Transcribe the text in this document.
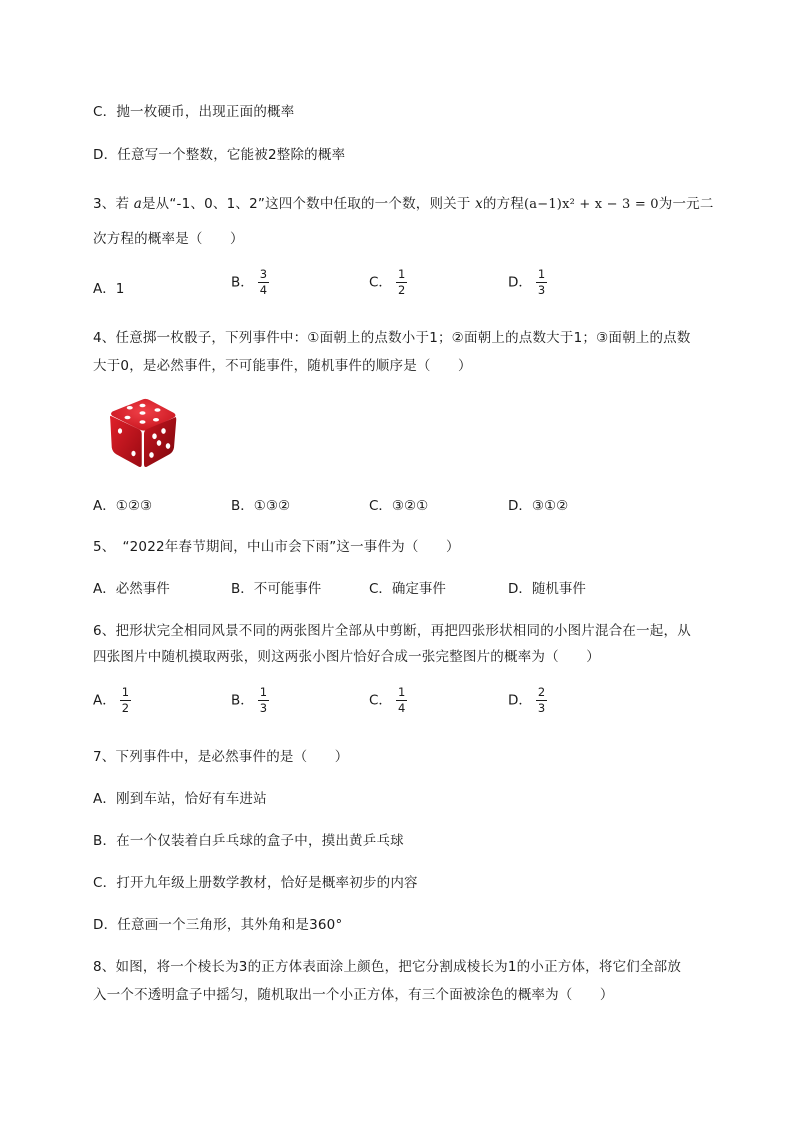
C．抛一枚硬币，出现正面的概率
D．任意写一个整数，它能被2整除的概率
3、若 a是从“-1、0、1、2”这四个数中任取的一个数，则关于 x的方程(a−1)x² + x − 3 = 0为一元二
次方程的概率是（　　）
A．1	B． $\frac{3}{4}$	C． $\frac{1}{2}$	D． $\frac{1}{3}$
4、任意掷一枚骰子，下列事件中：①面朝上的点数小于1；②面朝上的点数大于1；③面朝上的点数
大于0，是必然事件，不可能事件，随机事件的顺序是（　　）
A．①②③	B．①③②	C．③②①	D．③①②
5、　“2022年春节期间，中山市会下雨”这一事件为（　　）
A．必然事件	B．不可能事件	C．确定事件	D．随机事件
6、把形状完全相同风景不同的两张图片全部从中剪断，再把四张形状相同的小图片混合在一起，从
四张图片中随机摸取两张，则这两张小图片恰好合成一张完整图片的概率为（　　）
A． $\frac{1}{2}$	B． $\frac{1}{3}$	C． $\frac{1}{4}$	D． $\frac{2}{3}$
7、下列事件中，是必然事件的是（　　）
A．刚到车站，恰好有车进站
B．在一个仅装着白乒乓球的盒子中，摸出黄乒乓球
C．打开九年级上册数学教材，恰好是概率初步的内容
D．任意画一个三角形，其外角和是360°
8、如图，将一个棱长为3的正方体表面涂上颜色，把它分割成棱长为1的小正方体，将它们全部放
入一个不透明盒子中摇匀，随机取出一个小正方体，有三个面被涂色的概率为（　　）
